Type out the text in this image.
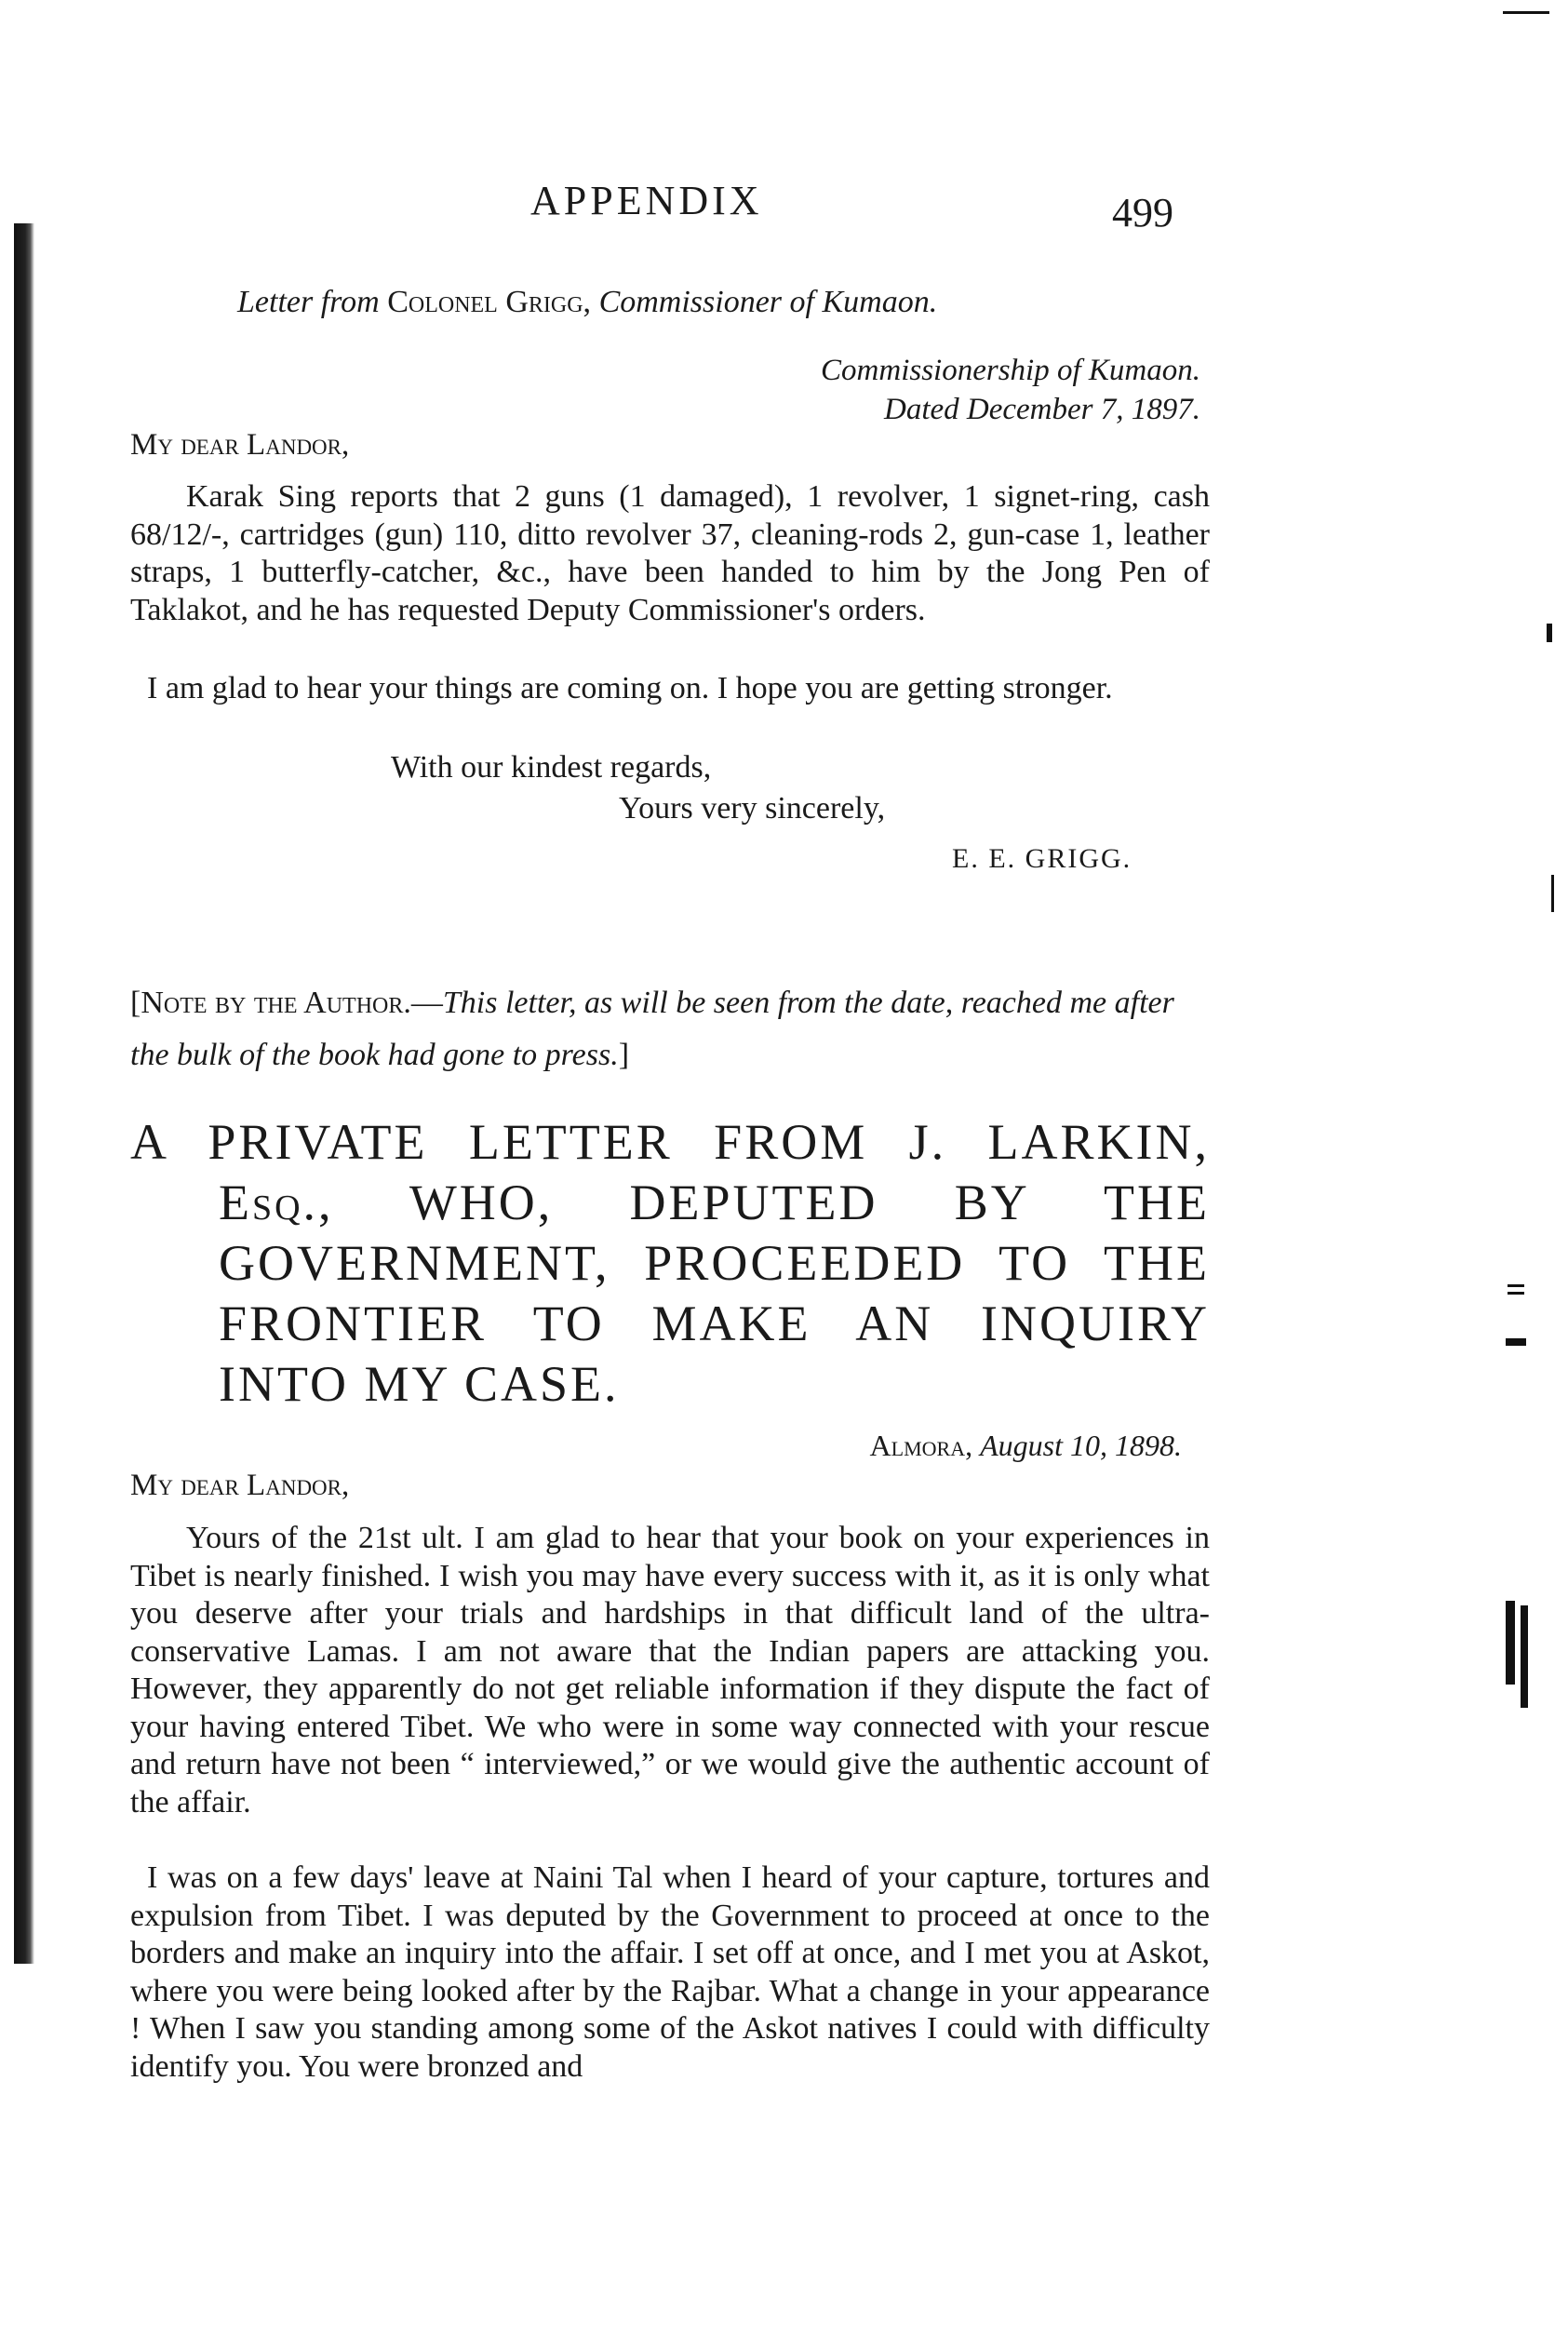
APPENDIX	499
Letter from Colonel Grigg, Commissioner of Kumaon.
Commissionership of Kumaon.
Dated December 7, 1897.
My dear Landor,

Karak Sing reports that 2 guns (1 damaged), 1 revolver, 1 signet-ring, cash 68/12/-, cartridges (gun) 110, ditto revolver 37, cleaning-rods 2, gun-case 1, leather straps, 1 butterfly-catcher, &c., have been handed to him by the Jong Pen of Taklakot, and he has requested Deputy Commissioner's orders.

I am glad to hear your things are coming on. I hope you are getting stronger.

With our kindest regards,
Yours very sincerely,
E. E. GRIGG.

[Note by the Author.—This letter, as will be seen from the date, reached me after the bulk of the book had gone to press.]

A PRIVATE LETTER FROM J. LARKIN, Esq., WHO, DEPUTED BY THE GOVERNMENT, PROCEEDED TO THE FRONTIER TO MAKE AN INQUIRY INTO MY CASE.
Almora, August 10, 1898.
My dear Landor,

Yours of the 21st ult. I am glad to hear that your book on your experiences in Tibet is nearly finished. I wish you may have every success with it, as it is only what you deserve after your trials and hardships in that difficult land of the ultra-conservative Lamas. I am not aware that the Indian papers are attacking you. However, they apparently do not get reliable information if they dispute the fact of your having entered Tibet. We who were in some way connected with your rescue and return have not been “ interviewed,” or we would give the authentic account of the affair.

I was on a few days' leave at Naini Tal when I heard of your capture, tortures and expulsion from Tibet. I was deputed by the Government to proceed at once to the borders and make an inquiry into the affair. I set off at once, and I met you at Askot, where you were being looked after by the Rajbar. What a change in your appearance ! When I saw you standing among some of the Askot natives I could with difficulty identify you. You were bronzed and
